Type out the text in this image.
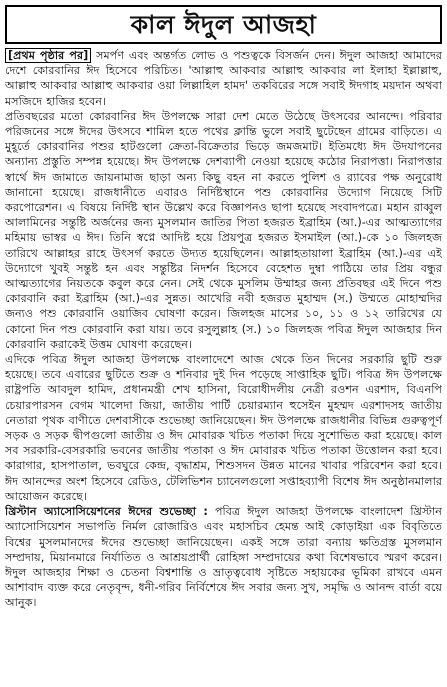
কাল ঈদুল আজহা

[প্রথম পৃষ্ঠার পর] সমর্পণ এবং অন্তর্গত লোভ ও পশুত্বকে বিসর্জন দেন। ঈদুল আজহা আমাদের দেশে কোরবানির ঈদ হিসেবে পরিচিত। 'আল্লাহু আকবার আল্লাহু আকবার লা ইলাহা ইল্লাল্লাহু, আল্লাহু আকবার আল্লাহু আকবার ওয়া লিল্লাহিল হামদ' তকবিরের সঙ্গে সবাই ঈদগাহ ময়দান অথবা মসজিদে হাজির হবেন।

প্রতিবছরের মতো কোরবানির ঈদ উপলক্ষে সারা দেশ মেতে উঠেছে উৎসবের আনন্দে। পরিবার পরিজনের সঙ্গে ঈদের উৎসবে শামিল হতে পথের ক্লান্তি ভুলে সবাই ছুটেছেন গ্রামের বাড়িতে। এ মুহূর্তে কোরবানির পশুর হাটগুলো ক্রেতা-বিক্রেতার ভিড়ে জমজমাট। ইতিমধ্যে ঈদ উদযাপনের অন্যান্য প্রস্তুতি সম্পন্ন হয়েছে। ঈদ উপলক্ষে দেশব্যাপী নেওয়া হয়েছে কঠোর নিরাপত্তা। নিরাপত্তার স্বার্থে ঈদ জামাতে জায়নামাজ ছাড়া অন্য কিছু বহন না করতে পুলিশ ও র‍্যাবের পক্ষ অনুরোধ জানানো হয়েছে। রাজধানীতে এবারও নির্দিষ্টস্থানে পশু কোরবানির উদ্যোগ নিয়েছে সিটি করপোরেশন। এ বিষয়ে নির্দিষ্ট স্থান উল্লেখ করে বিজ্ঞাপনও ছাপা হয়েছে সংবাদপত্রে। মহান রাব্বুল আলামিনের সন্তুষ্টি অর্জনের জন্য মুসলমান জাতির পিতা হজরত ইব্রাহিম (আ.)-এর আত্মত্যাগের মহিমায় ভাস্বর এ ঈদ। তিনি স্বপ্নে আদিষ্ট হয়ে প্রিয়পুত্র হজরত ইসমাইল (আ.)-কে ১০ জিলহজ তারিখে আল্লাহর রাহে উৎসর্গ করতে উদ্যত হয়েছিলেন। আল্লাহতায়ালা ইব্রাহিম (আ.)-এর এই উদ্যোগে খুবই সন্তুষ্ট হন এবং সন্তুষ্টির নিদর্শন হিসেবে বেহেশত দুম্বা পাঠিয়ে তার প্রিয় বন্ধুর আত্মত্যাগের নিয়তকে কবুল করে নেন। সেই থেকে মুসলিম উম্মাহর জন্য প্রতিবছর এই দিনে পশু কোরবানি করা ইব্রাহিম (আ.)-এর সুন্নত। আখেরি নবী হজরত মুহাম্মদ (স.) উম্মতে মোহাম্মদির জন্যও পশু কোরবানি ওয়াজিব ঘোষণা করেন। জিলহজ মাসের ১০, ১১ ও ১২ তারিখের যে কোনো দিন পশু কোরবানি করা যায়। তবে রসুলুল্লাহ (স.) ১০ জিলহজ পবিত্র ঈদুল আজহার দিন কোরবানি করাকেই উত্তম ঘোষণা করেছেন।

এদিকে পবিত্র ঈদুল আজহা উপলক্ষে বাংলাদেশে আজ থেকে তিন দিনের সরকারি ছুটি শুরু হয়েছে। তবে এবারের ছুটিতে শুক্র ও শনিবার দুই দিন পড়েছে সাপ্তাহিক ছুটি। পবিত্র ঈদ উপলক্ষে রাষ্ট্রপতি আবদুল হামিদ, প্রধানমন্ত্রী শেখ হাসিনা, বিরোধীদলীয় নেত্রী রওশন এরশাদ, বিএনপি চেয়ারপারসন বেগম খালেদা জিয়া, জাতীয় পার্টি চেয়ারম্যান হুসেইন মুহম্মদ এরশাদসহ জাতীয় নেতারা পৃথক বাণীতে দেশবাসীকে শুভেচ্ছা জানিয়েছেন। ঈদ উপলক্ষে রাজধানীর বিভিন্ন গুরুত্বপূর্ণ সড়ক ও সড়ক দ্বীপগুলো জাতীয় ও ঈদ মোবারক খচিত পতাকা দিয়ে সুশোভিত করা হয়েছে। কাল সব সরকারি-বেসরকারি ভবনের জাতীয় পতাকা ও ঈদ মোবারক খচিত পতাকা উত্তোলন করা হবে। কারাগার, হাসপাতাল, ভবঘুরে কেন্দ্র, বৃদ্ধাশ্রম, শিশুসদন উন্নত মানের খাবার পরিবেশন করা হবে। ঈদ আনন্দের অংশ হিসেবে রেডিও, টেলিভিশন চ্যানেলগুলো সপ্তাহব্যাপী বিশেষ ঈদ অনুষ্ঠানমালার আয়োজন করেছে।

খ্রিস্টান অ্যাসোসিয়েশনের ঈদের শুভেচ্ছা : পবিত্র ঈদুল আজহা উপলক্ষে বাংলাদেশ খ্রিস্টান অ্যাসোসিয়েশন সভাপতি নির্মল রোজারিও এবং মহাসচিব হেমন্ত আই কোড়াইয়া এক বিবৃতিতে বিশ্বের মুসলমানদের ঈদের শুভেচ্ছা জানিয়েছেন। একই সঙ্গে তারা বন্যায় ক্ষতিগ্রস্ত মুসলমান সম্প্রদায়, মিয়ানমারে নির্যাতিত ও আশ্রয়প্রার্থী রোহিঙ্গা সম্প্রদায়ের কথা বিশেষভাবে স্মরণ করেন। ঈদুল আজহার শিক্ষা ও চেতনা বিশ্বশান্তি ও ভ্রাতৃত্ববোধ সৃষ্টিতে সহায়কের ভূমিকা রাখবে এমন আশাবাদ ব্যক্ত করে নেতৃবৃন্দ, ধনী-গরিব নির্বিশেষে ঈদ সবার জন্য সুখ, সমৃদ্ধি ও আনন্দ বার্তা বয়ে আনুক।
